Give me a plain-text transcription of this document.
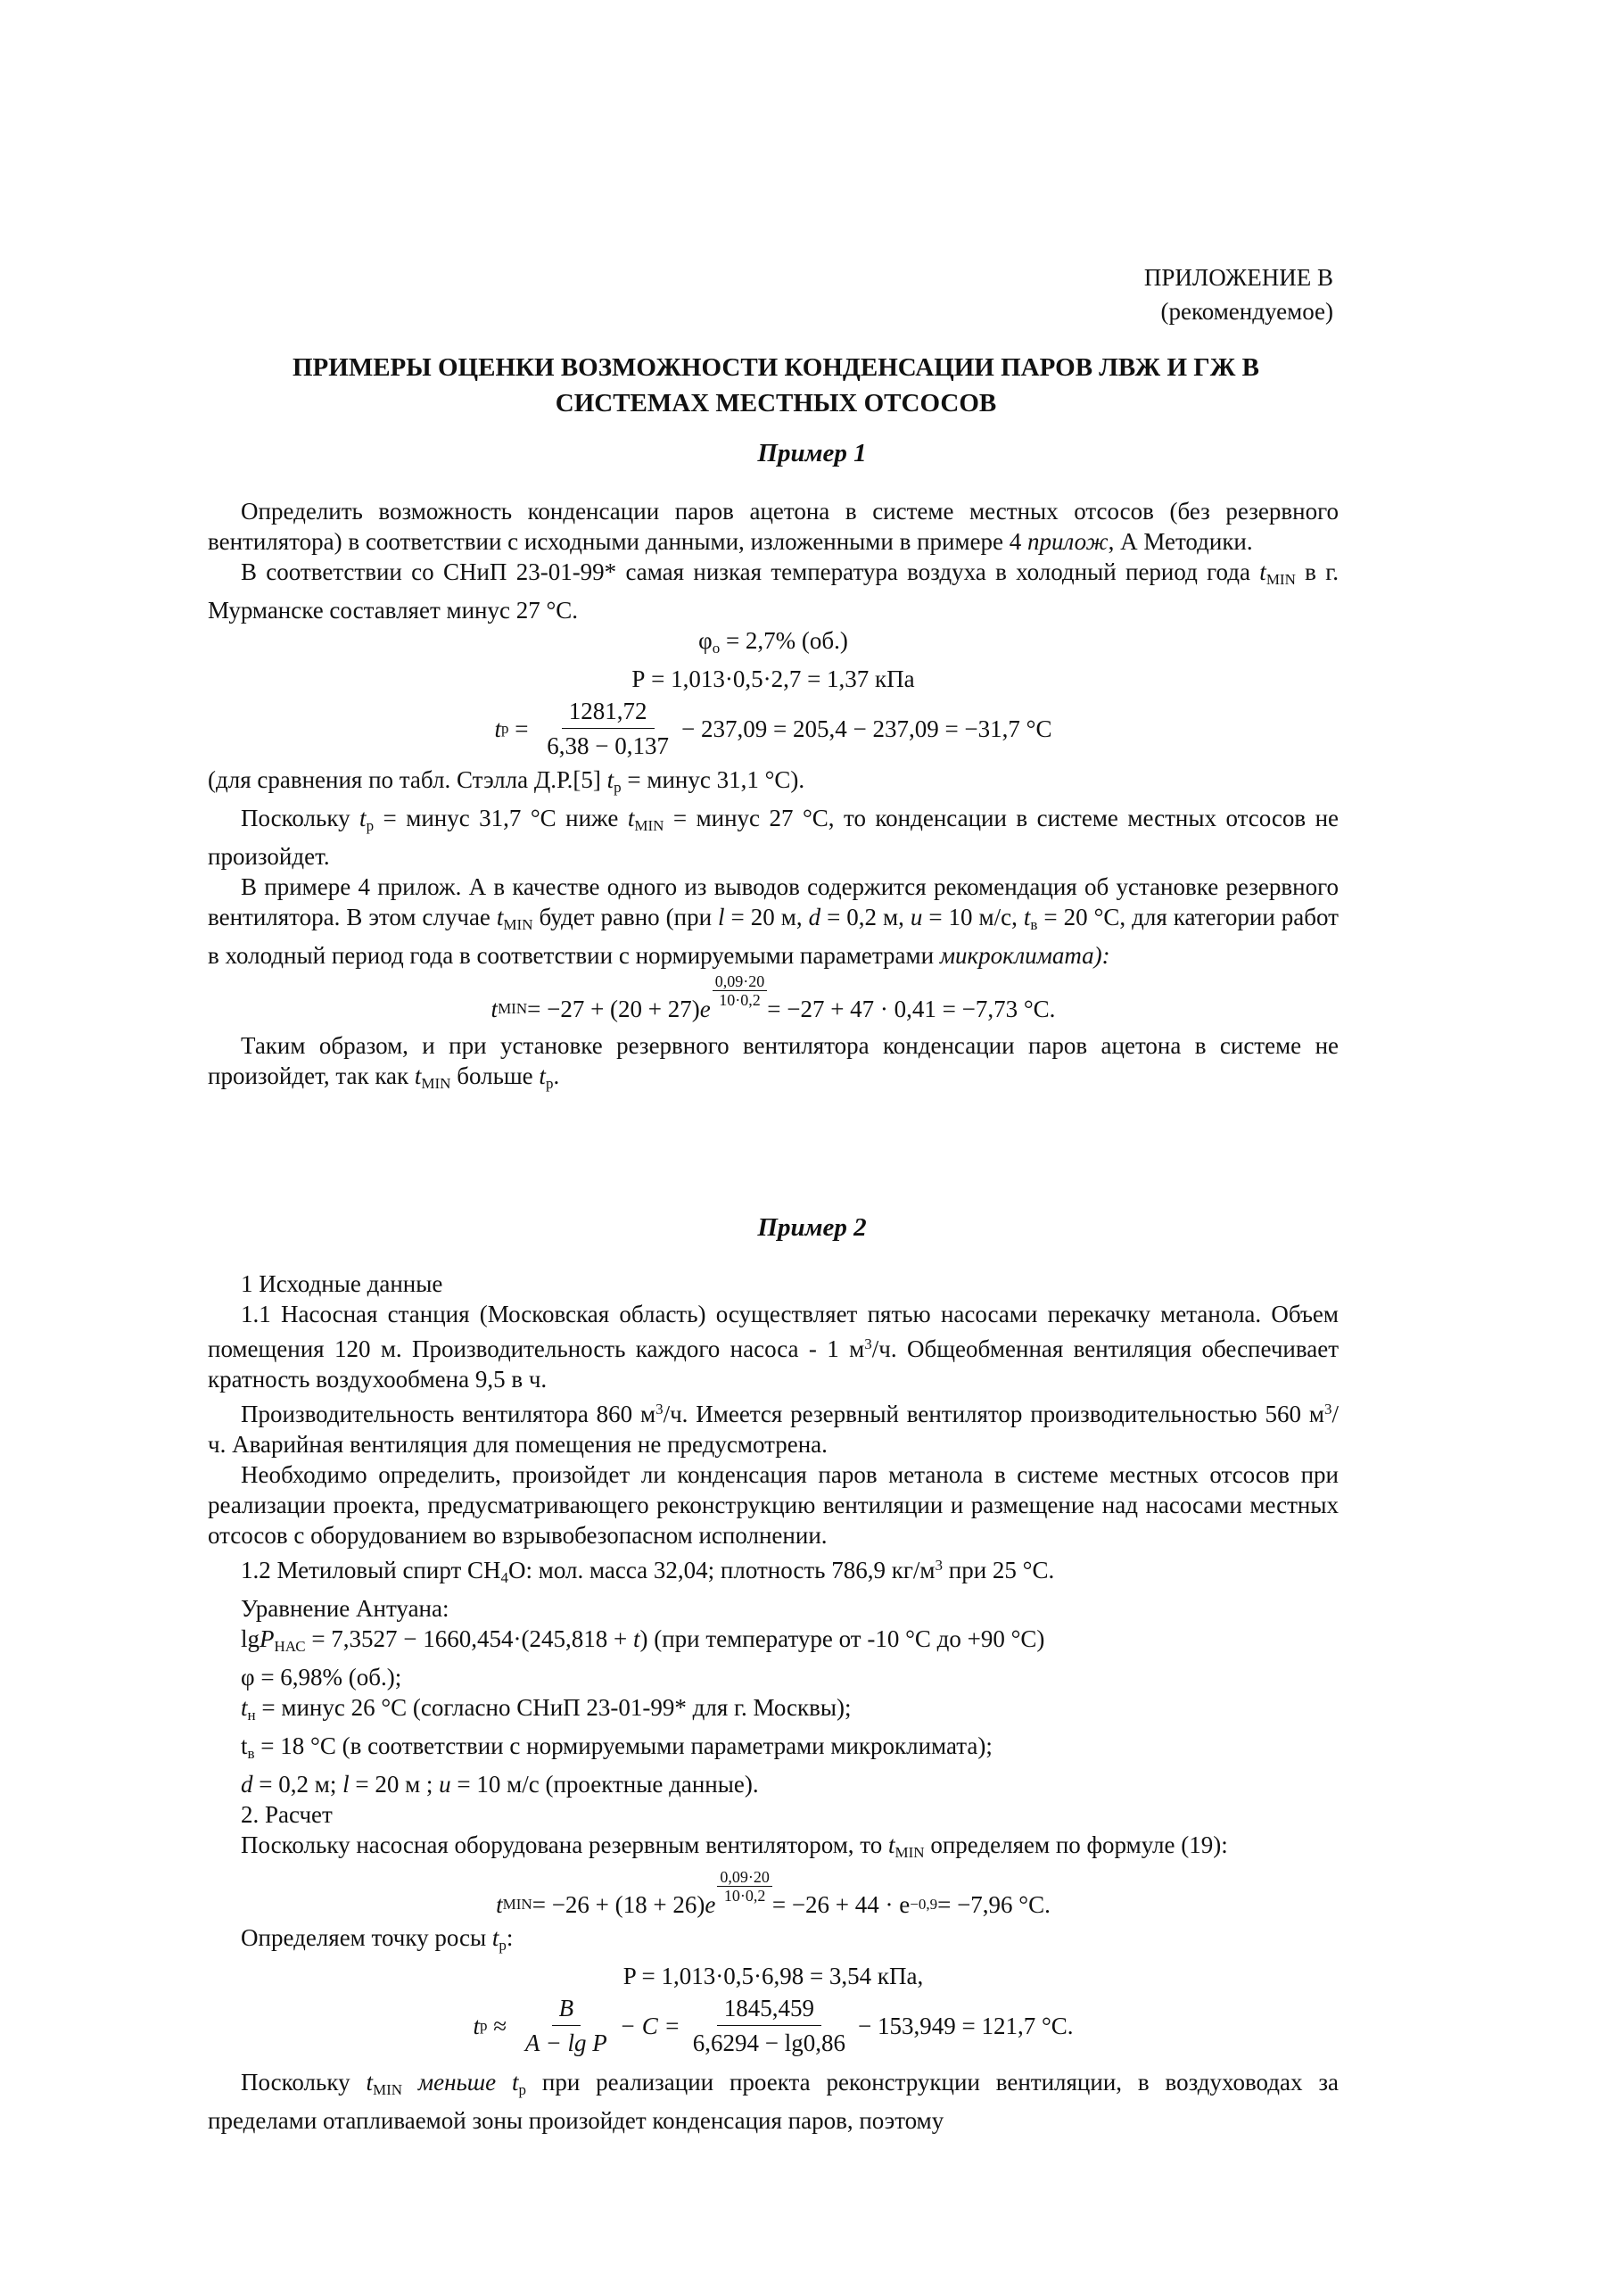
ПРИЛОЖЕНИЕ В
(рекомендуемое)
ПРИМЕРЫ ОЦЕНКИ ВОЗМОЖНОСТИ КОНДЕНСАЦИИ ПАРОВ ЛВЖ И ГЖ В
СИСТЕМАХ МЕСТНЫХ ОТСОСОВ
Пример 1

Определить возможность конденсации паров ацетона в системе местных отсосов (без резервного вентилятора) в соответствии с исходными данными, изложенными в примере 4 прилож, А Методики.

В соответствии со СНиП 23-01-99* самая низкая температура воздуха в холодный период года $t_{MIN}$ в г. Мурманске составляет минус 27 °С.

$\varphi_о = 2,7\%$ (об.)
Р = 1,013·0,5·2,7 = 1,37 кПа
t $р = \frac{1281,72}{6,38 - 0,137} - 237,09 = 205,4 - 237,09 = -31,7$ °С

(для сравнения по табл. Стэлла Д.Р.[5] $t_р$ = минус 31,1 °С).

Поскольку $t_р$ = минус 31,7 °С ниже $t_{MIN}$ = минус 27 °С, то конденсации в системе местных отсосов не произойдет.

В примере 4 прилож. А в качестве одного из выводов содержится рекомендация об установке резервного вентилятора. В этом случае $t_{MIN}$ будет равно (при l = 20 м, d = 0,2 м, u = 10 м/с, $t_в = 20$ °С, для категории работ в холодный период года в соответствии с нормируемыми параметрами микроклимата):

t MIN = −27 + (20 + 27) e $\frac{0,09\cdot 20}{10\cdot 0,2} = -27 + 47 \cdot 0,41 = -7,73$ °С.

Таким образом, и при установке резервного вентилятора конденсации паров ацетона в системе не произойдет, так как $t_{MIN}$ больше $t_р$.

Пример 2

1 Исходные данные

1.1 Насосная станция (Московская область) осуществляет пятью насосами перекачку метанола. Объем помещения 120 м. Производительность каждого насоса - 1 $м^3/ч$. Общеобменная вентиляция обеспечивает кратность воздухообмена 9,5 в ч.

Производительность вентилятора 860 $м^3/ч$. Имеется резервный вентилятор производительностью 560 $м^3/ч$. Аварийная вентиляция для помещения не предусмотрена.

Необходимо определить, произойдет ли конденсация паров метанола в системе местных отсосов при реализации проекта, предусматривающего реконструкцию вентиляции и размещение над насосами местных отсосов с оборудованием во взрывобезопасном исполнении.

1.2 Метиловый спирт $СН_4О$: мол. масса 32,04; плотность 786,9 $кг/м^3$ при 25 °С.

Уравнение Антуана:

lgP$_{НАС}$ = 7,3527 − 1660,454·(245,818 + t) (при температуре от -10 °С до +90 °С)

φ = 6,98% (об.);

$t_н$ = минус 26 °С (согласно СНиП 23-01-99* для г. Москвы);

$t_в = 18$ °С (в соответствии с нормируемыми параметрами микроклимата);

d = 0,2 м; l = 20 м ; u = 10 м/с (проектные данные).

2. Расчет

Поскольку насосная оборудована резервным вентилятором, то $t_{MIN}$ определяем по формуле (19):

t MIN = −26 + (18 + 26) e $\frac{0,09\cdot 20}{10\cdot 0,2} = -26 + 44 \cdot e -0,9 = -7,96$ °С.

Определяем точку росы $t_р$:

P = 1,013·0,5·6,98 = 3,54 кПа,
t $р \approx \frac{B}{\text{A − lg P}} - C = \frac{1845,459}{6,6294 - \lg 0,86} - 153,949 = 121,7$ °С.

Поскольку $t_{MIN}$ меньше $t_р$ при реализации проекта реконструкции вентиляции, в воздуховодах за пределами отапливаемой зоны произойдет конденсация паров, поэтому
